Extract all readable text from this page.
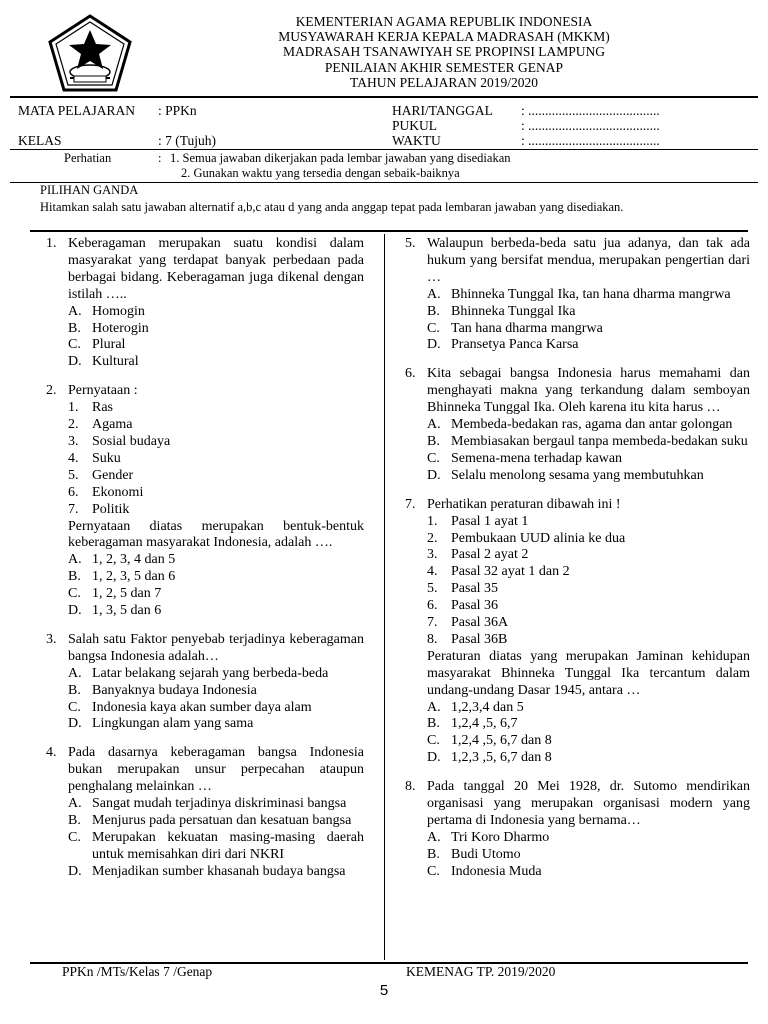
KEMENTERIAN AGAMA REPUBLIK INDONESIA
MUSYAWARAH KERJA KEPALA MADRASAH (MKKM)
MADRASAH TSANAWIYAH SE PROPINSI LAMPUNG
PENILAIAN AKHIR SEMESTER GENAP
TAHUN PELAJARAN 2019/2020
MATA PELAJARAN : PPKn	HARI/TANGGAL : .......................................
PUKUL	: .......................................
KELAS	: 7 (Tujuh)	WAKTU	: .......................................
Perhatian	: 1. Semua jawaban dikerjakan pada lembar jawaban yang disediakan
2. Gunakan waktu yang tersedia dengan sebaik-baiknya
PILIHAN GANDA
Hitamkan salah satu jawaban alternatif a,b,c atau d yang anda anggap tepat pada lembaran jawaban yang disediakan.
1. Keberagaman merupakan suatu kondisi dalam masyarakat yang terdapat banyak perbedaan pada berbagai bidang. Keberagaman juga dikenal dengan istilah …..
A. Homogin
B. Hoterogin
C. Plural
D. Kultural
2. Pernyataan :
1. Ras
2. Agama
3. Sosial budaya
4. Suku
5. Gender
6. Ekonomi
7. Politik
Pernyataan diatas merupakan bentuk-bentuk keberagaman masyarakat Indonesia, adalah ….
A. 1, 2, 3, 4 dan 5
B. 1, 2, 3, 5 dan 6
C. 1, 2, 5 dan 7
D. 1, 3, 5 dan 6
3. Salah satu Faktor penyebab terjadinya keberagaman bangsa Indonesia adalah…
A. Latar belakang sejarah yang berbeda-beda
B. Banyaknya budaya Indonesia
C. Indonesia kaya akan sumber daya alam
D. Lingkungan alam yang sama
4. Pada dasarnya keberagaman bangsa Indonesia bukan merupakan unsur perpecahan ataupun penghalang melainkan …
A. Sangat mudah terjadinya diskriminasi bangsa
B. Menjurus pada persatuan dan kesatuan bangsa
C. Merupakan kekuatan masing-masing daerah untuk memisahkan diri dari NKRI
D. Menjadikan sumber khasanah budaya bangsa
5. Walaupun berbeda-beda satu jua adanya, dan tak ada hukum yang bersifat mendua, merupakan pengertian dari …
A. Bhinneka Tunggal Ika, tan hana dharma mangrwa
B. Bhinneka Tunggal Ika
C. Tan hana dharma mangrwa
D. Pransetya Panca Karsa
6. Kita sebagai bangsa Indonesia harus memahami dan menghayati makna yang terkandung dalam semboyan Bhinneka Tunggal Ika. Oleh karena itu kita harus …
A. Membeda-bedakan ras, agama dan antar golongan
B. Membiasakan bergaul tanpa membeda-bedakan suku
C. Semena-mena terhadap kawan
D. Selalu menolong sesama yang membutuhkan
7. Perhatikan peraturan dibawah ini !
1. Pasal 1 ayat 1
2. Pembukaan UUD alinia ke dua
3. Pasal 2 ayat 2
4. Pasal 32 ayat 1 dan 2
5. Pasal 35
6. Pasal 36
7. Pasal 36A
8. Pasal 36B
Peraturan diatas yang merupakan Jaminan kehidupan masyarakat Bhinneka Tunggal Ika tercantum dalam undang-undang Dasar 1945, antara …
A. 1,2,3,4 dan 5
B. 1,2,4 ,5, 6,7
C. 1,2,4 ,5, 6,7 dan 8
D. 1,2,3 ,5, 6,7 dan 8
8. Pada tanggal 20 Mei 1928, dr. Sutomo mendirikan organisasi yang merupakan organisasi modern yang pertama di Indonesia yang bernama…
A. Tri Koro Dharmo
B. Budi Utomo
C. Indonesia Muda
PPKn /MTs/Kelas 7 /Genap	KEMENAG TP. 2019/2020
5
